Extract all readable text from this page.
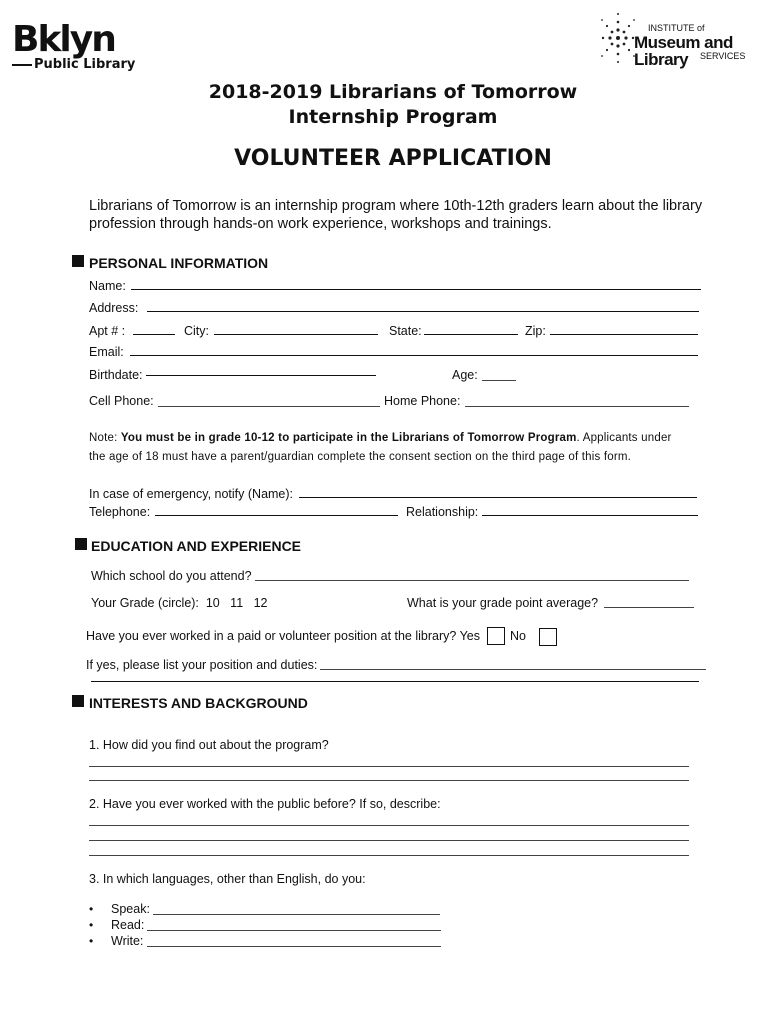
Bklyn
Public Library
INSTITUTE of
Museum and Library	SERVICES
2018-2019 Librarians of Tomorrow
Internship Program
VOLUNTEER APPLICATION
Librarians of Tomorrow is an internship program where 10th-12th graders learn about the library profession through hands-on work experience, workshops and trainings.
PERSONAL INFORMATION
Name:
Address:
Apt # :	City:	State:	Zip:
Email:
Birthdate:	Age:
Cell Phone:	Home Phone:
Note: You must be in grade 10-12 to participate in the Librarians of Tomorrow Program. Applicants under the age of 18 must have a parent/guardian complete the consent section on the third page of this form.
In case of emergency, notify (Name):
Telephone:	Relationship:
EDUCATION AND EXPERIENCE
Which school do you attend?
Your Grade (circle):  10   11   12	What is your grade point average?
Have you ever worked in a paid or volunteer position at the library? Yes No
If yes, please list your position and duties:
INTERESTS AND BACKGROUND
1. How did you find out about the program?
2. Have you ever worked with the public before? If so, describe:
3. In which languages, other than English, do you:
• Speak:
• Read:
• Write:
